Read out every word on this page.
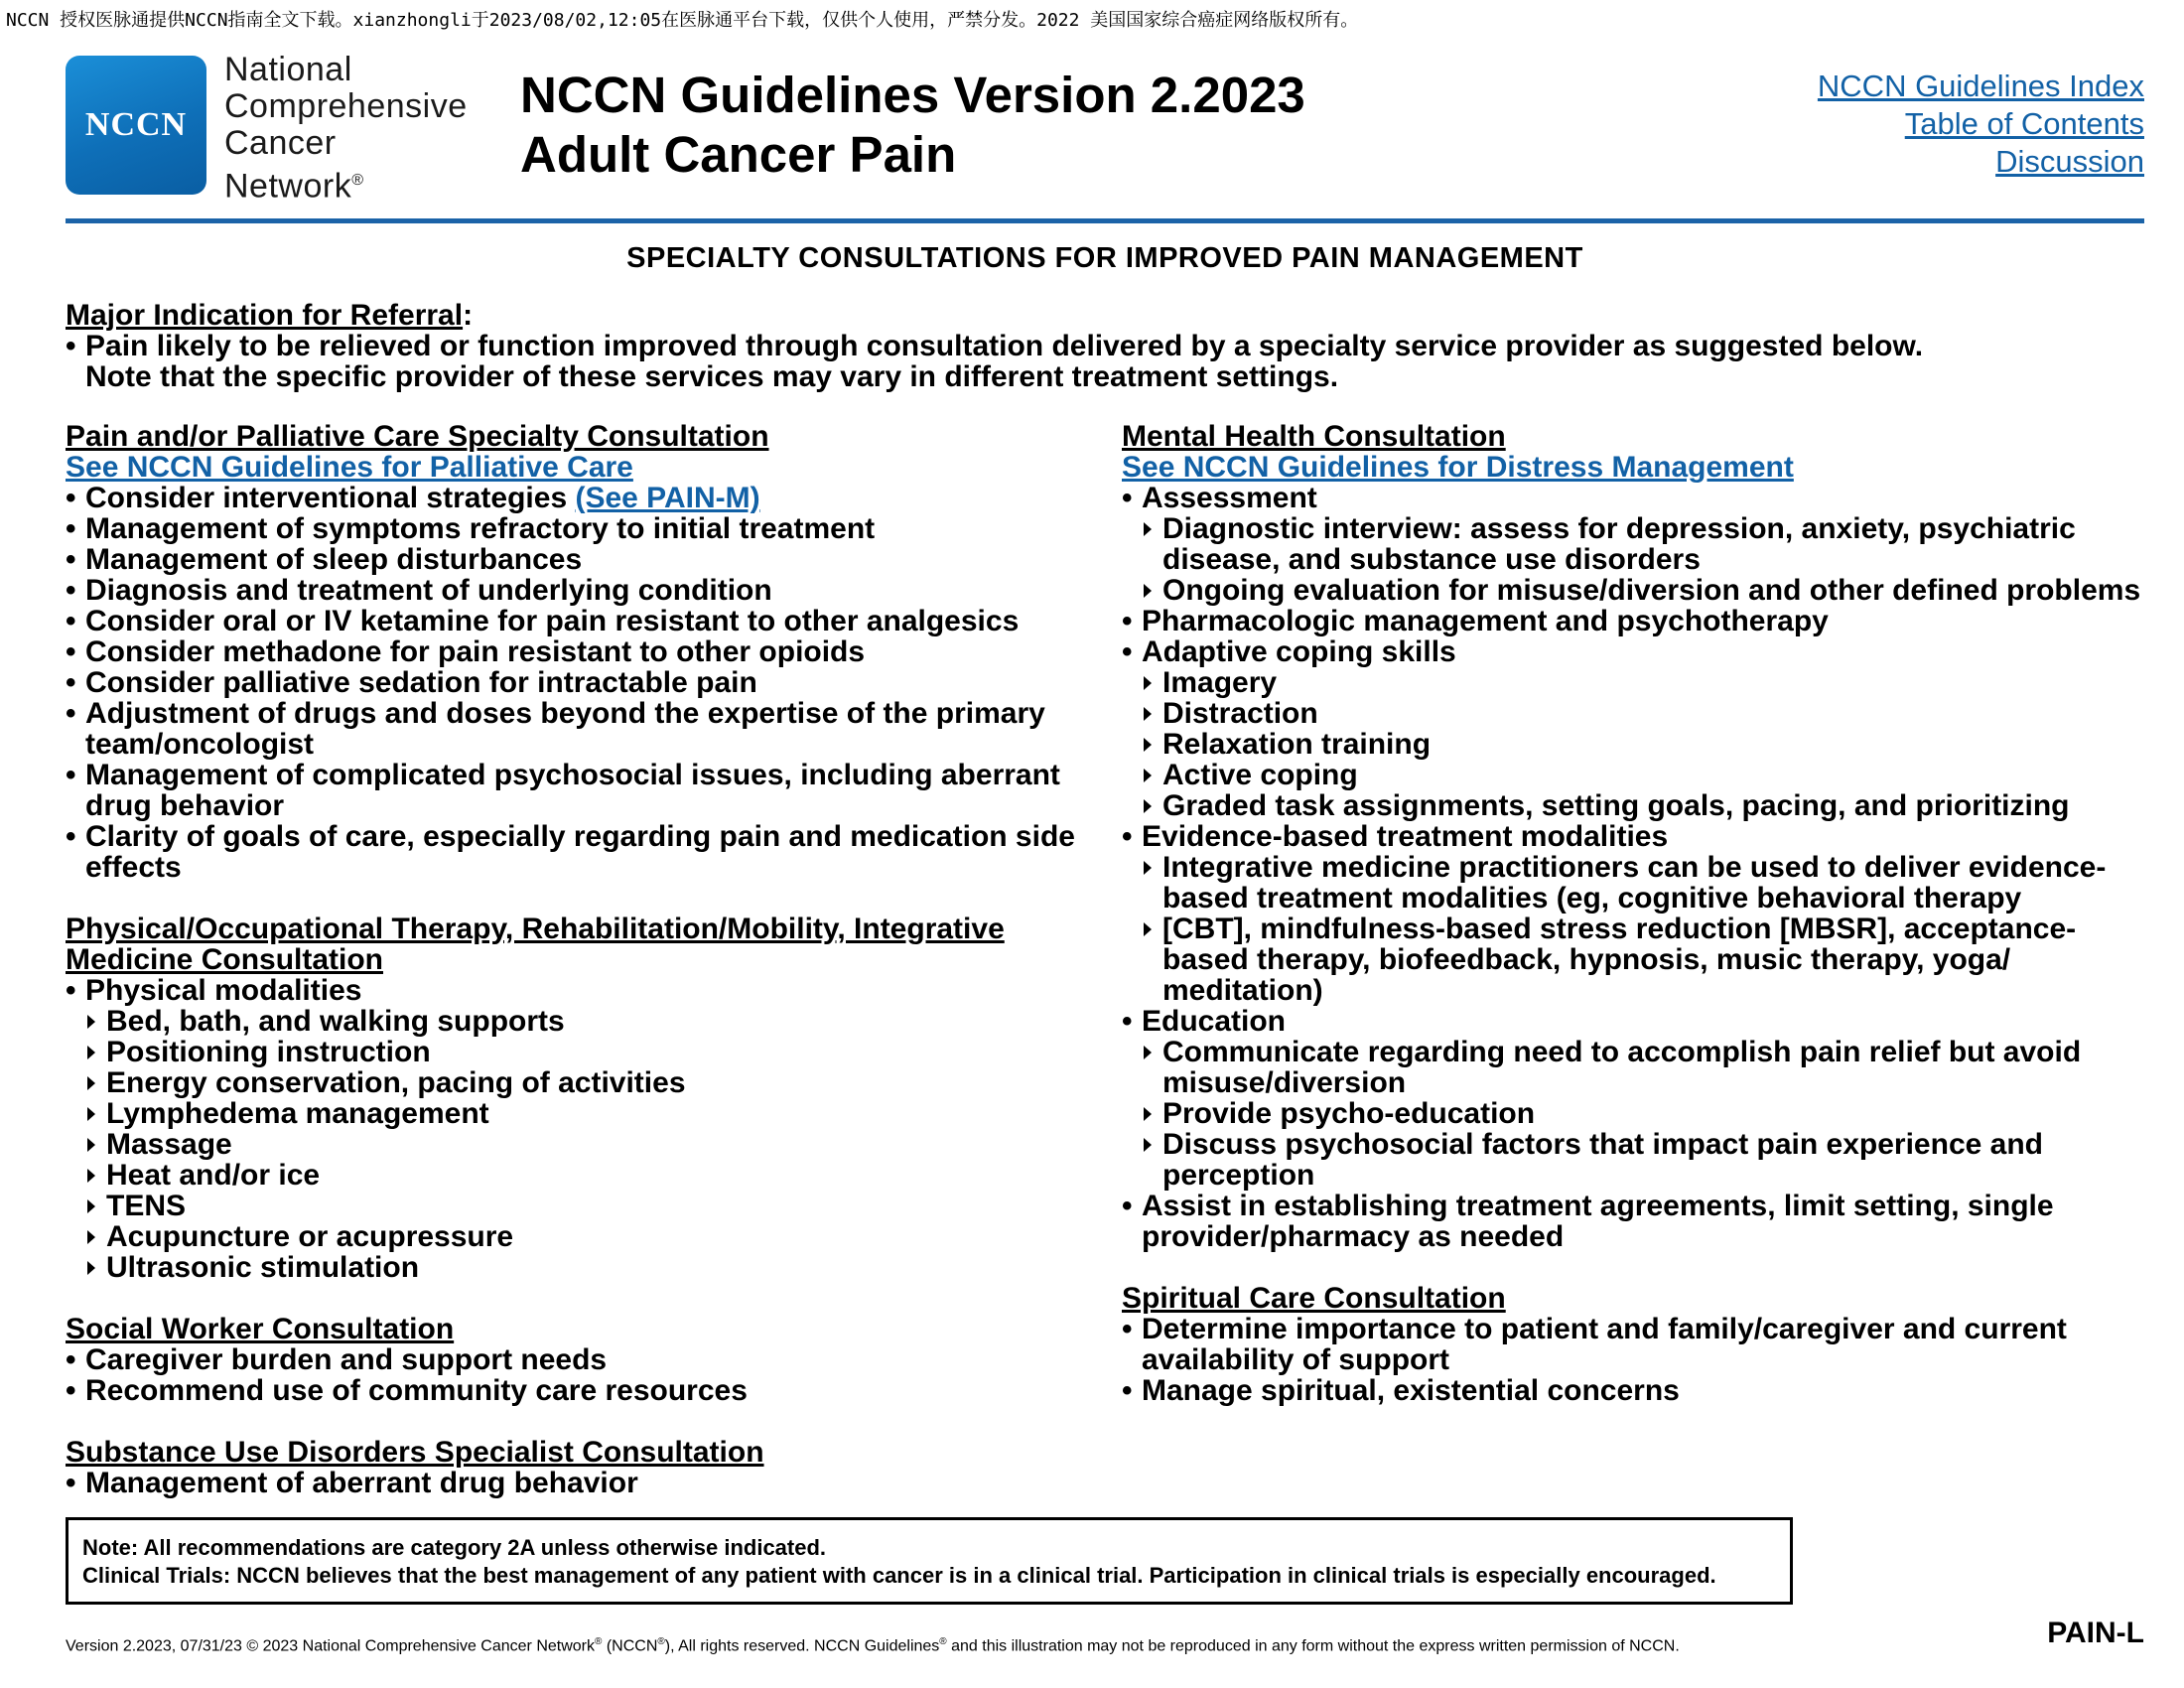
NCCN 授权医脉通提供NCCN指南全文下载。xianzhongli于2023/08/02,12:05在医脉通平台下载，仅供个人使用，严禁分发。2022 美国国家综合癌症网络版权所有。
NCCN
National
Comprehensive
Cancer
Network®
NCCN Guidelines Version 2.2023
Adult Cancer Pain
NCCN Guidelines Index
Table of Contents
Discussion
SPECIALTY CONSULTATIONS FOR IMPROVED PAIN MANAGEMENT
Major Indication for Referral:
• Pain likely to be relieved or function improved through consultation delivered by a specialty service provider as suggested below.
Note that the specific provider of these services may vary in different treatment settings.
Pain and/or Palliative Care Specialty Consultation
See NCCN Guidelines for Palliative Care
• Consider interventional strategies (See PAIN-M)
• Management of symptoms refractory to initial treatment
• Management of sleep disturbances
• Diagnosis and treatment of underlying condition
• Consider oral or IV ketamine for pain resistant to other analgesics
• Consider methadone for pain resistant to other opioids
• Consider palliative sedation for intractable pain
• Adjustment of drugs and doses beyond the expertise of the primary team/oncologist
• Management of complicated psychosocial issues, including aberrant drug behavior
• Clarity of goals of care, especially regarding pain and medication side effects
Physical/Occupational Therapy, Rehabilitation/Mobility, Integrative Medicine Consultation
• Physical modalities
Bed, bath, and walking supports
Positioning instruction
Energy conservation, pacing of activities
Lymphedema management
Massage
Heat and/or ice
TENS
Acupuncture or acupressure
Ultrasonic stimulation
Social Worker Consultation
• Caregiver burden and support needs
• Recommend use of community care resources
Substance Use Disorders Specialist Consultation
• Management of aberrant drug behavior
Mental Health Consultation
See NCCN Guidelines for Distress Management
• Assessment
Diagnostic interview: assess for depression, anxiety, psychiatric disease, and substance use disorders
Ongoing evaluation for misuse/diversion and other defined problems
• Pharmacologic management and psychotherapy
• Adaptive coping skills
Imagery
Distraction
Relaxation training
Active coping
Graded task assignments, setting goals, pacing, and prioritizing
• Evidence-based treatment modalities
Integrative medicine practitioners can be used to deliver evidence-based treatment modalities (eg, cognitive behavioral therapy
[CBT], mindfulness-based stress reduction [MBSR], acceptance-based therapy, biofeedback, hypnosis, music therapy, yoga/ meditation)
• Education
Communicate regarding need to accomplish pain relief but avoid misuse/diversion
Provide psycho-education
Discuss psychosocial factors that impact pain experience and perception
• Assist in establishing treatment agreements, limit setting, single provider/pharmacy as needed
Spiritual Care Consultation
• Determine importance to patient and family/caregiver and current availability of support
• Manage spiritual, existential concerns
Note: All recommendations are category 2A unless otherwise indicated.
Clinical Trials: NCCN believes that the best management of any patient with cancer is in a clinical trial. Participation in clinical trials is especially encouraged.
Version 2.2023, 07/31/23 © 2023 National Comprehensive Cancer Network® (NCCN®), All rights reserved. NCCN Guidelines® and this illustration may not be reproduced in any form without the express written permission of NCCN.	PAIN-L
